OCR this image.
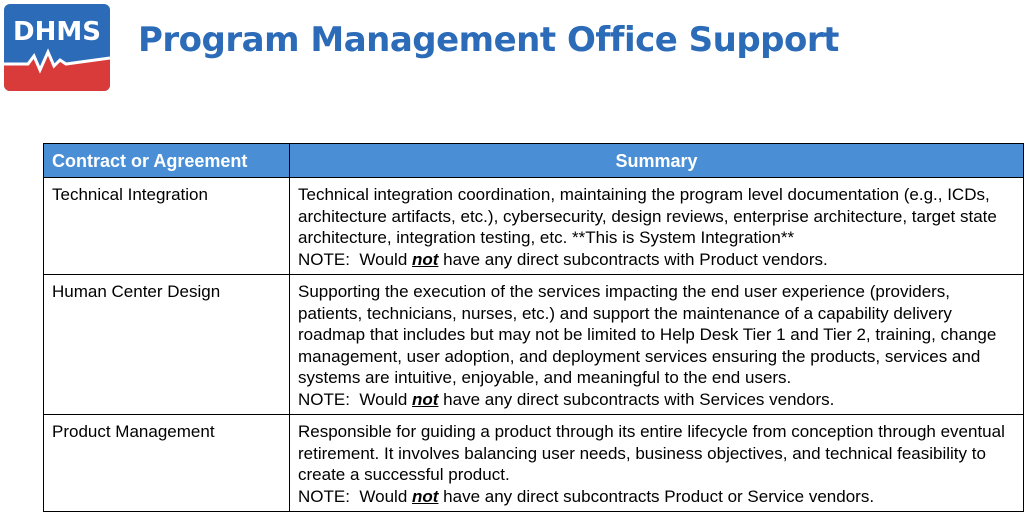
DHMS Program Management Office Support
Contract or Agreement	Summary
Technical Integration	Technical integration coordination, maintaining the program level documentation (e.g., ICDs, architecture artifacts, etc.), cybersecurity, design reviews, enterprise architecture, target state architecture, integration testing, etc. **This is System Integration**
NOTE:  Would not have any direct subcontracts with Product vendors.

Human Center Design	Supporting the execution of the services impacting the end user experience (providers, patients, technicians, nurses, etc.) and support the maintenance of a capability delivery roadmap that includes but may not be limited to Help Desk Tier 1 and Tier 2, training, change management, user adoption, and deployment services ensuring the products, services and systems are intuitive, enjoyable, and meaningful to the end users.
NOTE:  Would not have any direct subcontracts with Services vendors.

Product Management	Responsible for guiding a product through its entire lifecycle from conception through eventual retirement. It involves balancing user needs, business objectives, and technical feasibility to create a successful product.
NOTE:  Would not have any direct subcontracts Product or Service vendors.
